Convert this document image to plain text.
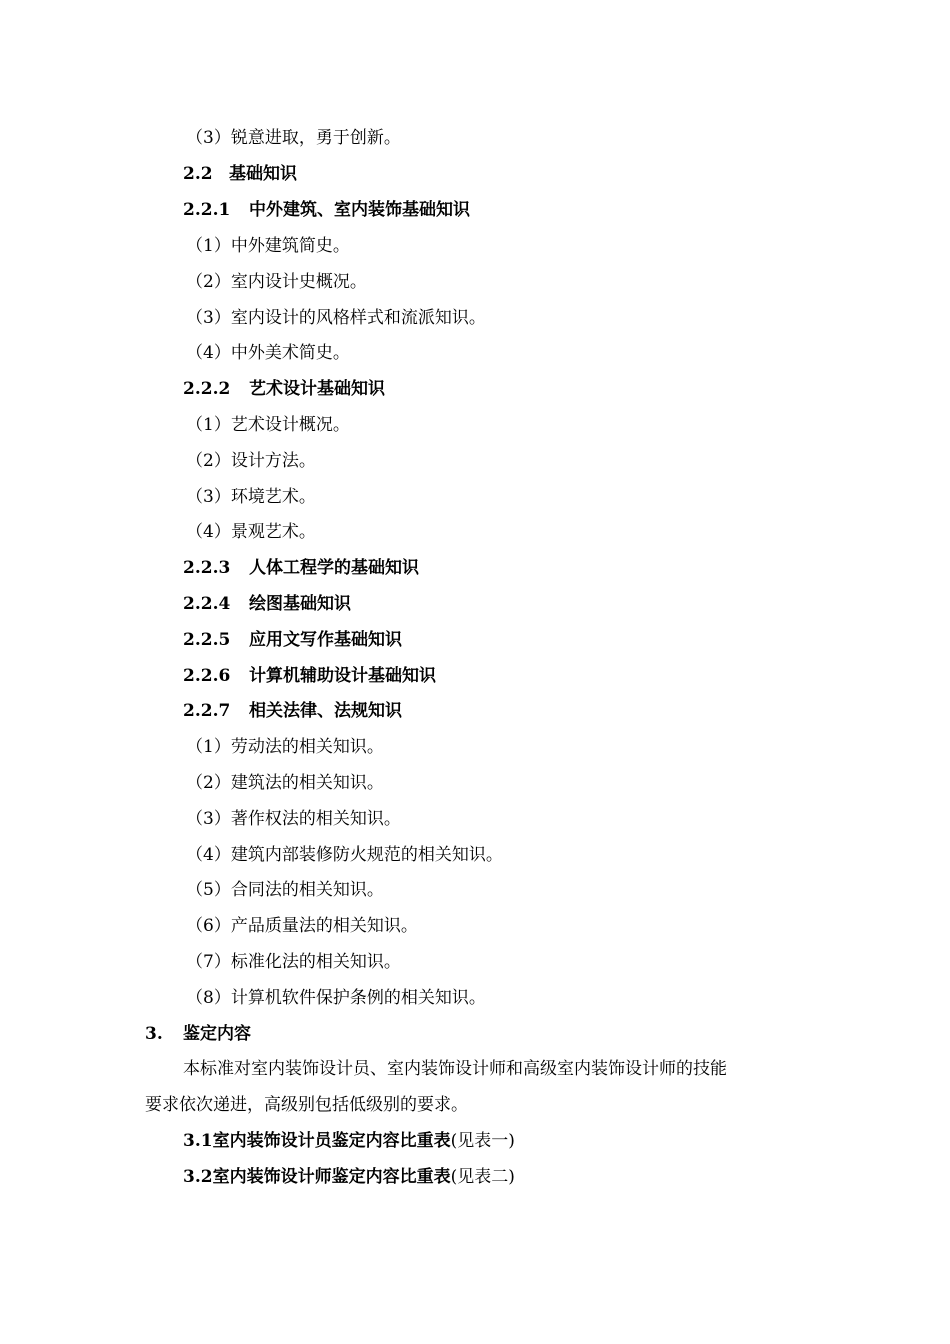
（3）锐意进取，勇于创新。
2.2 基础知识
2.2.1 中外建筑、室内装饰基础知识
（1）中外建筑简史。
（2）室内设计史概况。
（3）室内设计的风格样式和流派知识。
（4）中外美术简史。
2.2.2 艺术设计基础知识
（1）艺术设计概况。
（2）设计方法。
（3）环境艺术。
（4）景观艺术。
2.2.3 人体工程学的基础知识
2.2.4 绘图基础知识
2.2.5 应用文写作基础知识
2.2.6 计算机辅助设计基础知识
2.2.7 相关法律、法规知识
（1）劳动法的相关知识。
（2）建筑法的相关知识。
（3）著作权法的相关知识。
（4）建筑内部装修防火规范的相关知识。
（5）合同法的相关知识。
（6）产品质量法的相关知识。
（7）标准化法的相关知识。
（8）计算机软件保护条例的相关知识。
3. 鉴定内容
本标准对室内装饰设计员、室内装饰设计师和高级室内装饰设计师的技能
要求依次递进，高级别包括低级别的要求。
3.1室内装饰设计员鉴定内容比重表(见表一)
3.2室内装饰设计师鉴定内容比重表(见表二)
